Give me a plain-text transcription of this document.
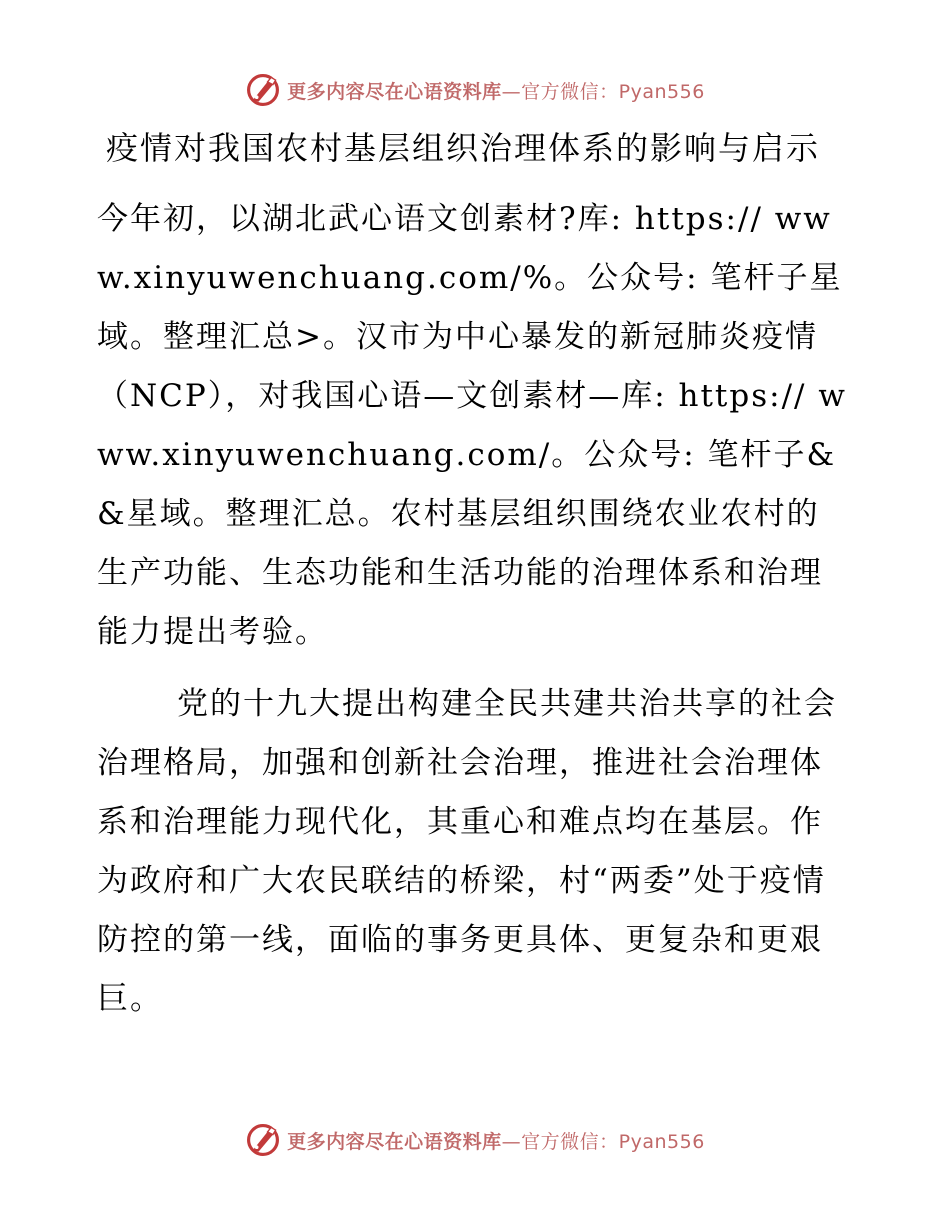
更多内容尽在心语资料库—官方微信：Pyan556
疫情对我国农村基层组织治理体系的影响与启示

今年初，以湖北武心语文创素材?库: https:// www.xinyuwenchuang.com/%。公众号: 笔杆子星域。整理汇总>。汉市为中心暴发的新冠肺炎疫情（NCP），对我国心语—文创素材—库: https:// www.xinyuwenchuang.com/。公众号: 笔杆子&&星域。整理汇总。农村基层组织围绕农业农村的生产功能、生态功能和生活功能的治理体系和治理能力提出考验。

党的十九大提出构建全民共建共治共享的社会治理格局，加强和创新社会治理，推进社会治理体系和治理能力现代化，其重心和难点均在基层。作为政府和广大农民联结的桥梁，村“两委”处于疫情防控的第一线，面临的事务更具体、更复杂和更艰巨。

更多内容尽在心语资料库—官方微信：Pyan556
